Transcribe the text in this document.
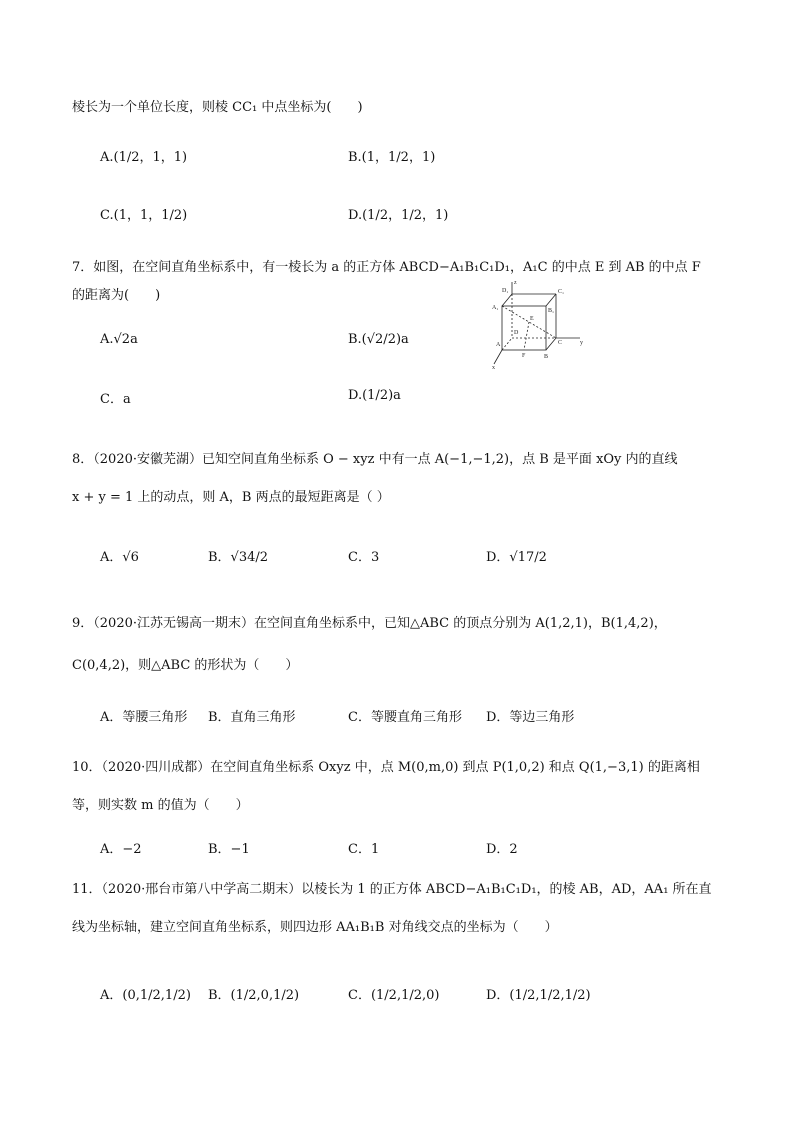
棱长为一个单位长度，则棱 CC₁ 中点坐标为(　　)
A.(1/2，1，1)	B.(1，1/2，1)
C.(1，1，1/2)	D.(1/2，1/2，1)
7．如图，在空间直角坐标系中，有一棱长为 a 的正方体 ABCD−A₁B₁C₁D₁，A₁C 的中点 E 到 AB 的中点 F
的距离为(　　)
A.√2a	B.(√2/2)a
C．a	D.(1/2)a
z
D₁	C₁
A₁	B₁
E
D
A
F	B
C	y
x
8．（2020·安徽芜湖）已知空间直角坐标系 O − xyz 中有一点 A(−1,−1,2)，点 B 是平面 xOy 内的直线
x + y = 1 上的动点，则 A，B 两点的最短距离是（ ）
A．√6	B．√34/2	C．3	D．√17/2
9．（2020·江苏无锡高一期末）在空间直角坐标系中，已知△ABC 的顶点分别为 A(1,2,1)，B(1,4,2)，
C(0,4,2)，则△ABC 的形状为（　　）
A．等腰三角形 B．直角三角形	C．等腰直角三角形 D．等边三角形
10．（2020·四川成都）在空间直角坐标系 Oxyz 中，点 M(0,m,0) 到点 P(1,0,2) 和点 Q(1,−3,1) 的距离相
等，则实数 m 的值为（　　）
A．−2	B．−1	C．1	D．2
11．（2020·邢台市第八中学高二期末）以棱长为 1 的正方体 ABCD−A₁B₁C₁D₁，的棱 AB，AD，AA₁ 所在直
线为坐标轴，建立空间直角坐标系，则四边形 AA₁B₁B 对角线交点的坐标为（　　）
A．(0,1/2,1/2) B．(1/2,0,1/2)	C．(1/2,1/2,0)	D．(1/2,1/2,1/2)
